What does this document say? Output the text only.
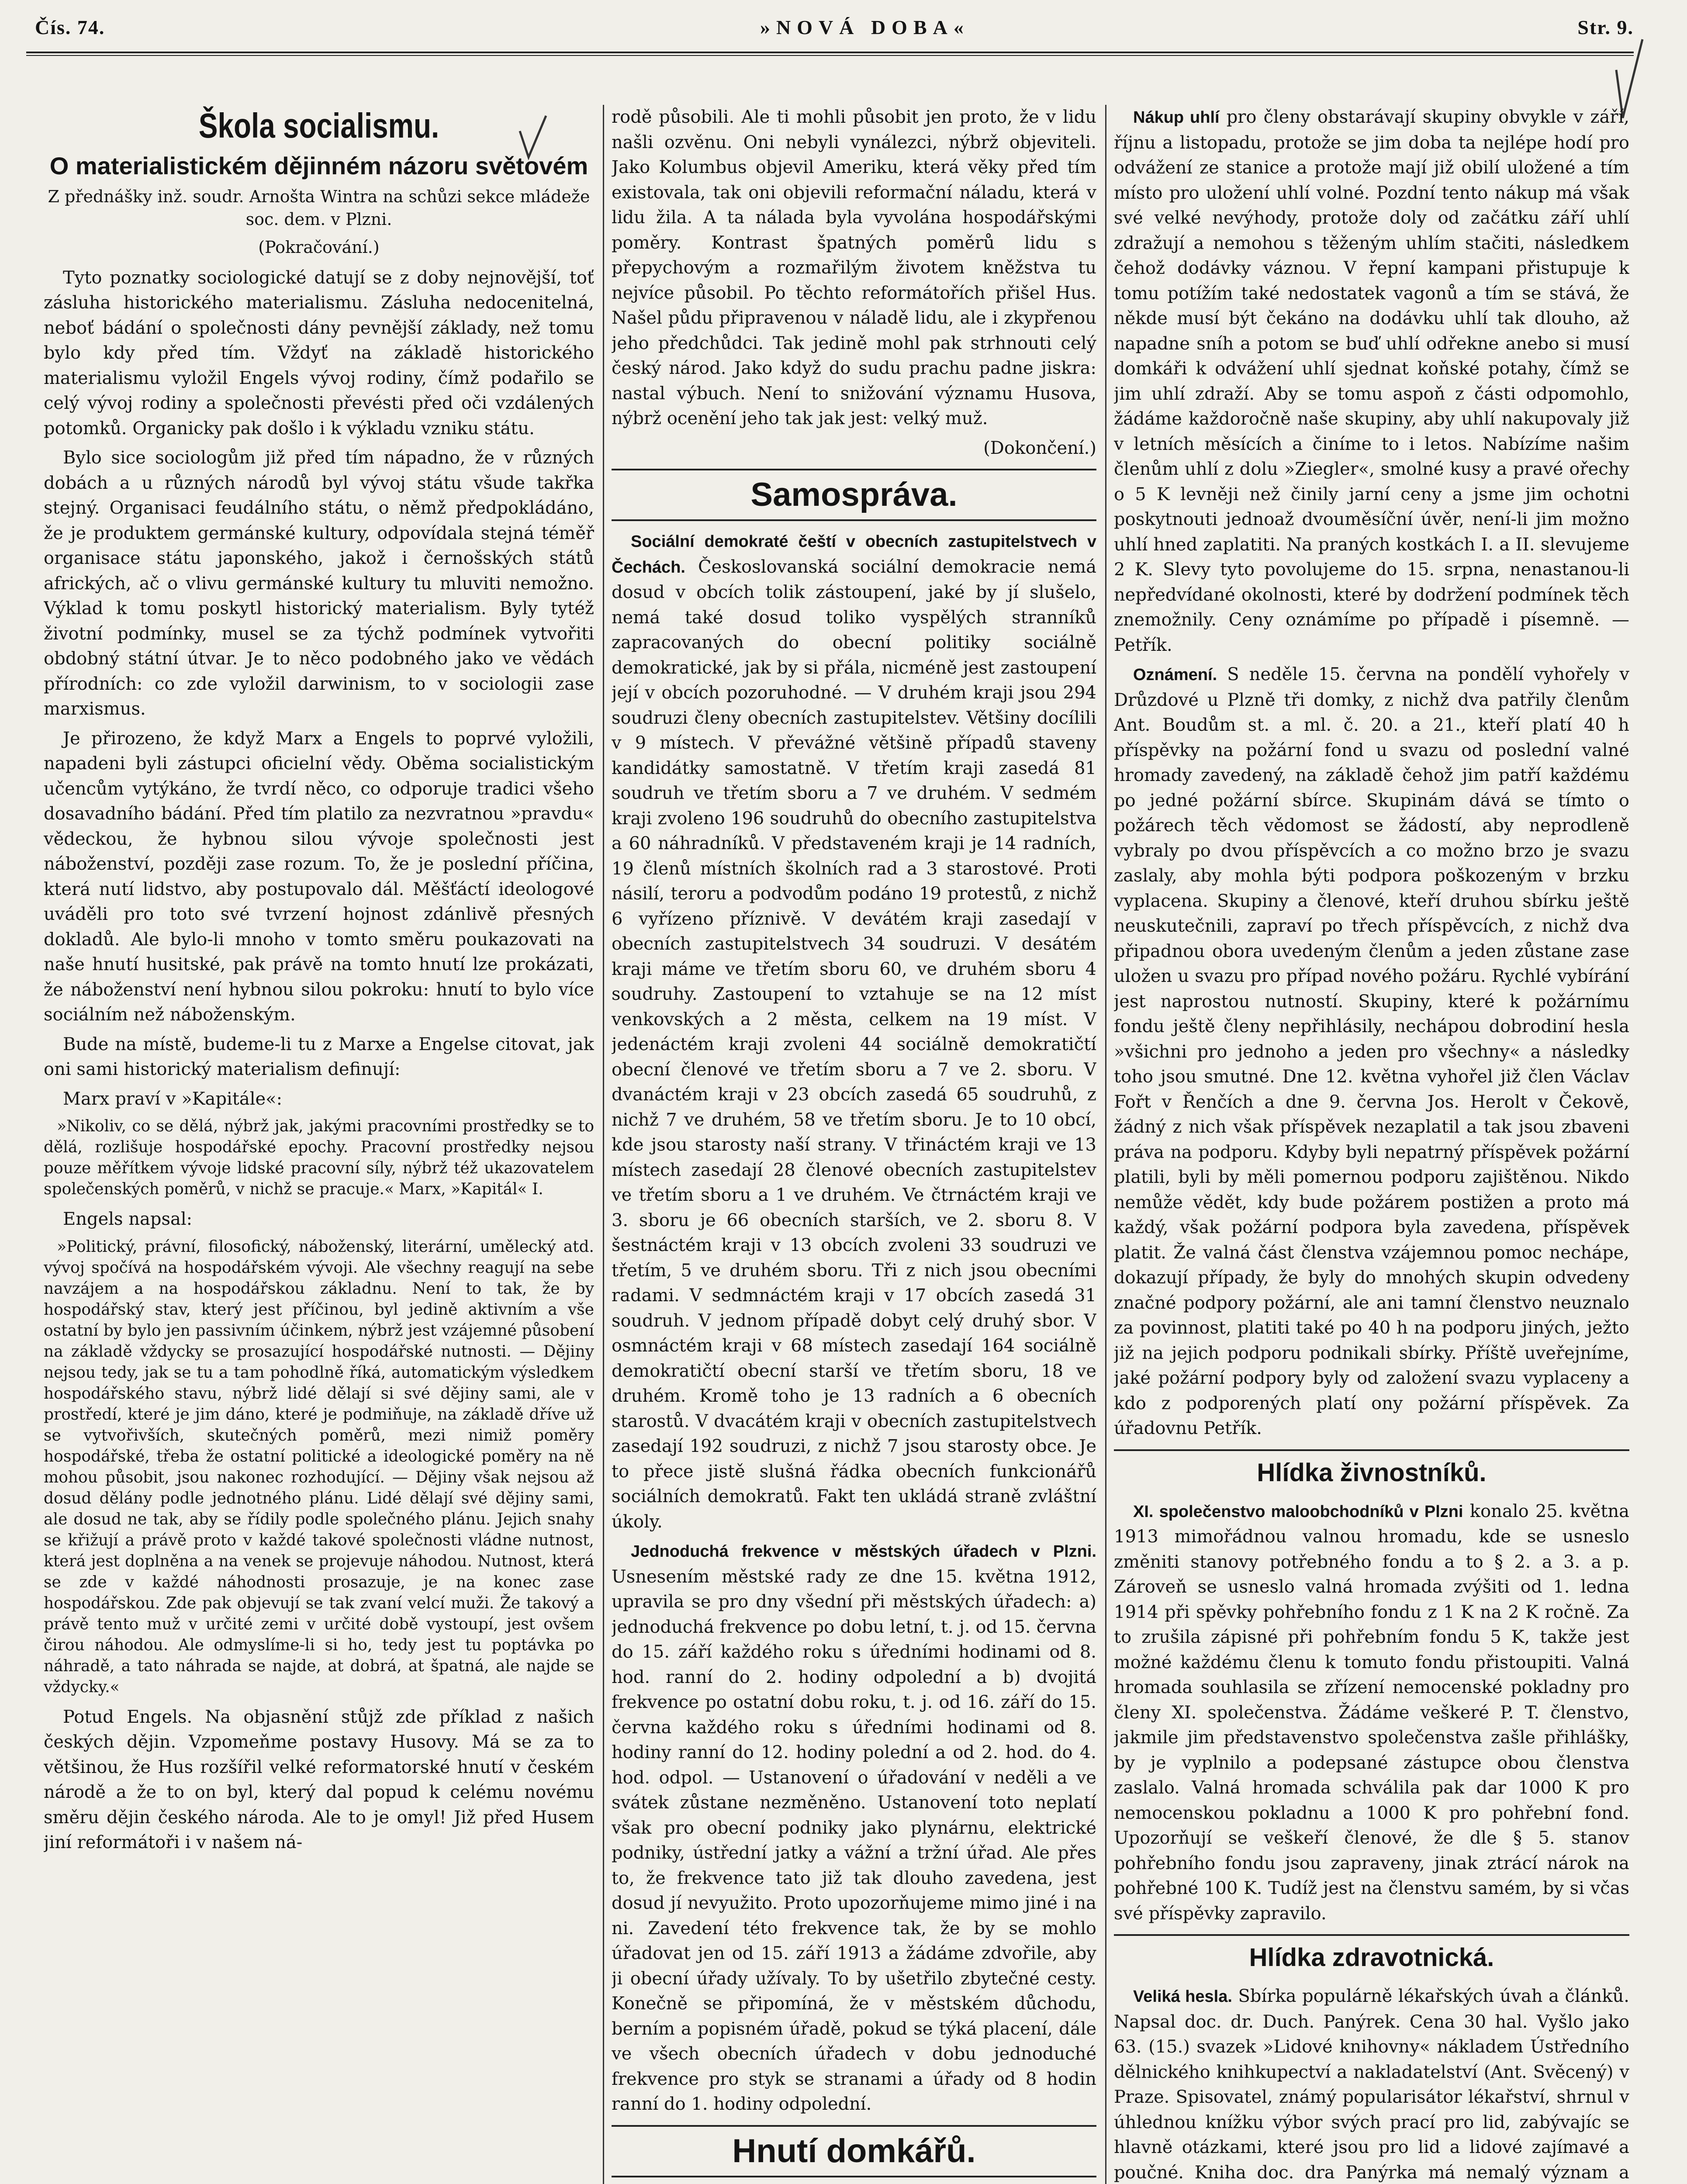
Čís. 74.	»NOVÁ DOBA«	Str. 9.
Škola socialismu.
O materialistickém dějinném názoru světovém
Z přednášky inž. soudr. Arnošta Wintra na schůzi sekce mládeže soc. dem. v Plzni.
(Pokračování.)

Tyto poznatky sociologické datují se z doby nejnovější, toť zásluha historického materialismu. Zásluha nedocenitelná, neboť bádání o společnosti dány pevnější základy, než tomu bylo kdy před tím. Vždyť na základě historického materialismu vyložil Engels vývoj rodiny, čímž podařilo se celý vývoj rodiny a společnosti převésti před oči vzdálených potomků. Organicky pak došlo i k výkladu vzniku státu.

Bylo sice sociologům již před tím nápadno, že v různých dobách a u různých národů byl vývoj státu všude takřka stejný. Organisaci feudálního státu, o němž předpokládáno, že je produktem germánské kultury, odpovídala stejná téměř organisace státu japonského, jakož i černošských států afrických, ač o vlivu germánské kultury tu mluviti nemožno. Výklad k tomu poskytl historický materialism. Byly tytéž životní podmínky, musel se za týchž podmínek vytvořiti obdobný státní útvar. Je to něco podobného jako ve vědách přírodních: co zde vyložil darwinism, to v sociologii zase marxismus.

Je přirozeno, že když Marx a Engels to poprvé vyložili, napadeni byli zástupci oficielní vědy. Oběma socialistickým učencům vytýkáno, že tvrdí něco, co odporuje tradici všeho dosavadního bádání. Před tím platilo za nezvratnou »pravdu« vědeckou, že hybnou silou vývoje společnosti jest náboženství, později zase rozum. To, že je poslední příčina, která nutí lidstvo, aby postupovalo dál. Měšťáctí ideologové uváděli pro toto své tvrzení hojnost zdánlivě přesných dokladů. Ale bylo-li mnoho v tomto směru poukazovati na naše hnutí husitské, pak právě na tomto hnutí lze prokázati, že náboženství není hybnou silou pokroku: hnutí to bylo více sociálním než náboženským.

Bude na místě, budeme-li tu z Marxe a Engelse citovat, jak oni sami historický materialism definují:

Marx praví v »Kapitále«:

»Nikoliv, co se dělá, nýbrž jak, jakými pracovními prostředky se to dělá, rozlišuje hospodářské epochy. Pracovní prostředky nejsou pouze měřítkem vývoje lidské pracovní síly, nýbrž též ukazovatelem společenských poměrů, v nichž se pracuje.« Marx, »Kapitál« I.

Engels napsal:

»Politický, právní, filosofický, náboženský, literární, umělecký atd. vývoj spočívá na hospodářském vývoji. Ale všechny reagují na sebe navzájem a na hospodářskou základnu. Není to tak, že by hospodářský stav, který jest příčinou, byl jedině aktivním a vše ostatní by bylo jen passivním účinkem, nýbrž jest vzájemné působení na základě vždycky se prosazující hospodářské nutnosti. — Dějiny nejsou tedy, jak se tu a tam pohodlně říká, automatickým výsledkem hospodářského stavu, nýbrž lidé dělají si své dějiny sami, ale v prostředí, které je jim dáno, které je podmiňuje, na základě dříve už se vytvořivších, skutečných poměrů, mezi nimiž poměry hospodářské, třeba že ostatní politické a ideologické poměry na ně mohou působit, jsou nakonec rozhodující. — Dějiny však nejsou až dosud dělány podle jednotného plánu. Lidé dělají své dějiny sami, ale dosud ne tak, aby se řídily podle společného plánu. Jejich snahy se křižují a právě proto v každé takové společnosti vládne nutnost, která jest doplněna a na venek se projevuje náhodou. Nutnost, která se zde v každé náhodnosti prosazuje, je na konec zase hospodářskou. Zde pak objevují se tak zvaní velcí muži. Že takový a právě tento muž v určité zemi v určité době vystoupí, jest ovšem čirou náhodou. Ale odmyslíme-li si ho, tedy jest tu poptávka po náhradě, a tato náhrada se najde, at dobrá, at špatná, ale najde se vždycky.«

Potud Engels. Na objasnění stůjž zde příklad z našich českých dějin. Vzpomeňme postavy Husovy. Má se za to většinou, že Hus rozšířil velké reformatorské hnutí v českém národě a že to on byl, který dal popud k celému novému směru dějin českého národa. Ale to je omyl! Již před Husem jiní reformátoři i v našem ná-

rodě působili. Ale ti mohli působit jen proto, že v lidu našli ozvěnu. Oni nebyli vynálezci, nýbrž objeviteli. Jako Kolumbus objevil Ameriku, která věky před tím existovala, tak oni objevili reformační náladu, která v lidu žila. A ta nálada byla vyvolána hospodářskými poměry. Kontrast špatných poměrů lidu s přepychovým a rozmařilým životem kněžstva tu nejvíce působil. Po těchto reformátořích přišel Hus. Našel půdu připravenou v náladě lidu, ale i zkypřenou jeho předchůdci. Tak jedině mohl pak strhnouti celý český národ. Jako když do sudu prachu padne jiskra: nastal výbuch. Není to snižování významu Husova, nýbrž ocenění jeho tak jak jest: velký muž.

(Dokončení.)

Samospráva.

Sociální demokraté čeští v obecních zastupitelstvech v Čechách. Českoslovanská sociální demokracie nemá dosud v obcích tolik zástoupení, jaké by jí slušelo, nemá také dosud toliko vyspělých stranníků zapracovaných do obecní politiky sociálně demokratické, jak by si přála, nicméně jest zastoupení její v obcích pozoruhodné. — V druhém kraji jsou 294 soudruzi členy obecních zastupitelstev. Většiny docílili v 9 místech. V převážné většině případů staveny kandidátky samostatně. V třetím kraji zasedá 81 soudruh ve třetím sboru a 7 ve druhém. V sedmém kraji zvoleno 196 soudruhů do obecního zastupitelstva a 60 náhradníků. V představeném kraji je 14 radních, 19 členů místních školních rad a 3 starostové. Proti násilí, teroru a podvodům podáno 19 protestů, z nichž 6 vyřízeno příznivě. V devátém kraji zasedají v obecních zastupitelstvech 34 soudruzi. V desátém kraji máme ve třetím sboru 60, ve druhém sboru 4 soudruhy. Zastoupení to vztahuje se na 12 míst venkovských a 2 města, celkem na 19 míst. V jedenáctém kraji zvoleni 44 sociálně demokratičtí obecní členové ve třetím sboru a 7 ve 2. sboru. V dvanáctém kraji v 23 obcích zasedá 65 soudruhů, z nichž 7 ve druhém, 58 ve třetím sboru. Je to 10 obcí, kde jsou starosty naší strany. V třináctém kraji ve 13 místech zasedají 28 členové obecních zastupitelstev ve třetím sboru a 1 ve druhém. Ve čtrnáctém kraji ve 3. sboru je 66 obecních starších, ve 2. sboru 8. V šestnáctém kraji v 13 obcích zvoleni 33 soudruzi ve třetím, 5 ve druhém sboru. Tři z nich jsou obecními radami. V sedmnáctém kraji v 17 obcích zasedá 31 soudruh. V jednom případě dobyt celý druhý sbor. V osmnáctém kraji v 68 místech zasedají 164 sociálně demokratičtí obecní starší ve třetím sboru, 18 ve druhém. Kromě toho je 13 radních a 6 obecních starostů. V dvacátém kraji v obecních zastupitelstvech zasedají 192 soudruzi, z nichž 7 jsou starosty obce. Je to přece jistě slušná řádka obecních funkcionářů sociálních demokratů. Fakt ten ukládá straně zvláštní úkoly.

Jednoduchá frekvence v městských úřadech v Plzni. Usnesením městské rady ze dne 15. května 1912, upravila se pro dny všední při městských úřadech: a) jednoduchá frekvence po dobu letní, t. j. od 15. června do 15. září každého roku s úředními hodinami od 8. hod. ranní do 2. hodiny odpolední a b) dvojitá frekvence po ostatní dobu roku, t. j. od 16. září do 15. června každého roku s úředními hodinami od 8. hodiny ranní do 12. hodiny polední a od 2. hod. do 4. hod. odpol. — Ustanovení o úřadování v neděli a ve svátek zůstane nezměněno. Ustanovení toto neplatí však pro obecní podniky jako plynárnu, elektrické podniky, ústřední jatky a vážní a tržní úřad. Ale přes to, že frekvence tato již tak dlouho zavedena, jest dosud jí nevyužito. Proto upozorňujeme mimo jiné i na ni. Zavedení této frekvence tak, že by se mohlo úřadovat jen od 15. září 1913 a žádáme zdvořile, aby ji obecní úřady užívaly. To by ušetřilo zbytečné cesty. Konečně se připomíná, že v městském důchodu, berním a popisném úřadě, pokud se týká placení, dále ve všech obecních úřadech v dobu jednoduché frekvence pro styk se stranami a úřady od 8 hodin ranní do 1. hodiny odpolední.

Hnutí domkářů.

Nákup uhlí pro členy obstarávají skupiny obvykle v září, říjnu a listopadu, protože se jim doba ta nejlépe hodí pro odvážení ze stanice a protože mají již obilí uložené a tím místo pro uložení uhlí volné. Pozdní tento nákup má však své velké nevýhody, protože doly od začátku září uhlí zdražují a nemohou s těženým uhlím stačiti, následkem čehož dodávky váznou. V řepní kampani přistupuje k tomu potížím také nedostatek vagonů a tím se stává, že někde musí být čekáno na dodávku uhlí tak dlouho, až napadne sníh a potom se buď uhlí odřekne anebo si musí domkáři k odvážení uhlí sjednat koňské potahy, čímž se jim uhlí zdraží. Aby se tomu aspoň z části odpomohlo, žádáme každoročně naše skupiny, aby uhlí nakupovaly již v letních měsících a činíme to i letos. Nabízíme našim členům uhlí z dolu »Ziegler«, smolné kusy a pravé ořechy o 5 K levněji než činily jarní ceny a jsme jim ochotni poskytnouti jednoaž dvouměsíční úvěr, není-li jim možno uhlí hned zaplatiti. Na praných kostkách I. a II. slevujeme 2 K. Slevy tyto povolujeme do 15. srpna, nenastanou-li nepředvídané okolnosti, které by dodržení podmínek těch znemožnily. Ceny oznámíme po případě i písemně. — Petřík.

Oznámení. S neděle 15. června na pondělí vyhořely v Drůzdové u Plzně tři domky, z nichž dva patřily členům Ant. Boudům st. a ml. č. 20. a 21., kteří platí 40 h příspěvky na požární fond u svazu od poslední valné hromady zavedený, na základě čehož jim patří každému po jedné požární sbírce. Skupinám dává se tímto o požárech těch vědomost se žádostí, aby neprodleně vybraly po dvou příspěvcích a co možno brzo je svazu zaslaly, aby mohla býti podpora poškozeným v brzku vyplacena. Skupiny a členové, kteří druhou sbírku ještě neuskutečnili, zapraví po třech příspěvcích, z nichž dva připadnou obora uvedeným členům a jeden zůstane zase uložen u svazu pro případ nového požáru. Rychlé vybírání jest naprostou nutností. Skupiny, které k požárnímu fondu ještě členy nepřihlásily, nechápou dobrodiní hesla »všichni pro jednoho a jeden pro všechny« a následky toho jsou smutné. Dne 12. května vyhořel již člen Václav Fořt v Řenčích a dne 9. června Jos. Herolt v Čekově, žádný z nich však příspěvek nezaplatil a tak jsou zbaveni práva na podporu. Kdyby byli nepatrný příspěvek požární platili, byli by měli pomernou podporu zajištěnou. Nikdo nemůže vědět, kdy bude požárem postižen a proto má každý, však požární podpora byla zavedena, příspěvek platit. Že valná část členstva vzájemnou pomoc nechápe, dokazují případy, že byly do mnohých skupin odvedeny značné podpory požární, ale ani tamní členstvo neuznalo za povinnost, platiti také po 40 h na podporu jiných, ježto již na jejich podporu podnikali sbírky. Příště uveřejníme, jaké požární podpory byly od založení svazu vyplaceny a kdo z podporených platí ony požární příspěvek. Za úřadovnu Petřík.

Hlídka živnostníků.

XI. společenstvo maloobchodníků v Plzni konalo 25. května 1913 mimořádnou valnou hromadu, kde se usneslo změniti stanovy potřebného fondu a to § 2. a 3. a p. Zároveň se usneslo valná hromada zvýšiti od 1. ledna 1914 při spěvky pohřebního fondu z 1 K na 2 K ročně. Za to zrušila zápisné při pohřebním fondu 5 K, takže jest možné každému členu k tomuto fondu přistoupiti. Valná hromada souhlasila se zřízení nemocenské pokladny pro členy XI. společenstva. Žádáme veškeré P. T. členstvo, jakmile jim představenstvo společenstva zašle přihlášky, by je vyplnilo a podepsané zástupce obou členstva zaslalo. Valná hromada schválila pak dar 1000 K pro nemocenskou pokladnu a 1000 K pro pohřební fond. Upozorňují se veškeří členové, že dle § 5. stanov pohřebního fondu jsou zapraveny, jinak ztrácí nárok na pohřebné 100 K. Tudíž jest na členstvu samém, by si včas své příspěvky zapravilo.

Hlídka zdravotnická.

Veliká hesla. Sbírka populárně lékařských úvah a článků. Napsal doc. dr. Duch. Panýrek. Cena 30 hal. Vyšlo jako 63. (15.) svazek »Lidové knihovny« nákladem Ústředního dělnického knihkupectví a nakladatelství (Ant. Svěcený) v Praze. Spisovatel, známý popularisátor lékařství, shrnul v úhlednou knížku výbor svých prací pro lid, zabývajíc se hlavně otázkami, které jsou pro lid a lidové zajímavé a poučné. Kniha doc. dra Panýrka má nemalý význam a
